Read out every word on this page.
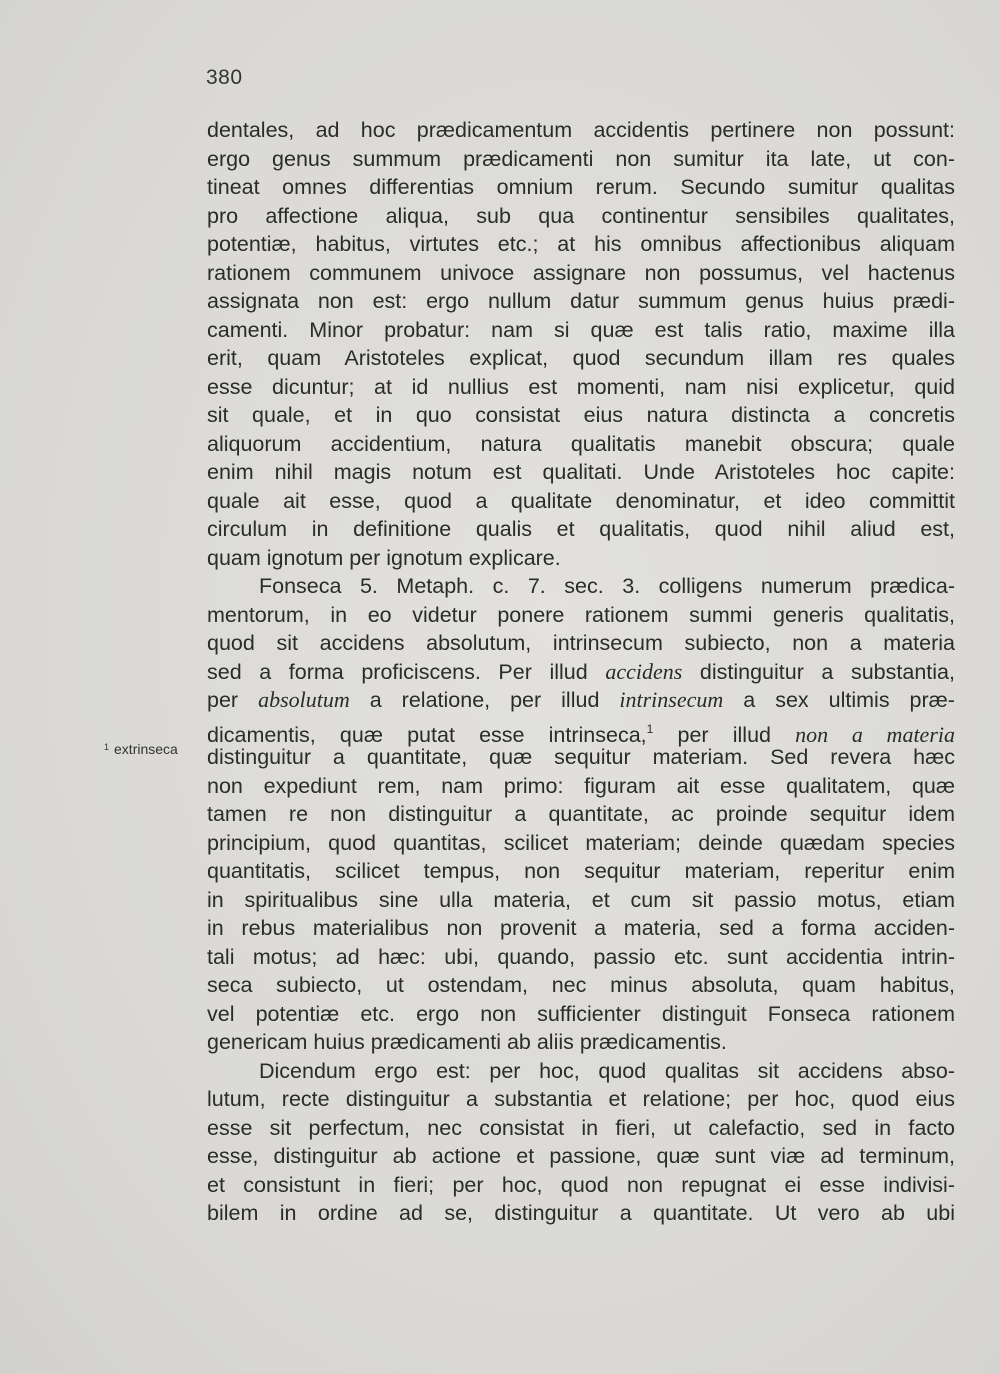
380
$^1$ extrinseca
dentales, ad hoc prædicamentum accidentis pertinere non possunt:
ergo genus summum prædicamenti non sumitur ita late, ut con-
tineat omnes differentias omnium rerum. Secundo sumitur qualitas
pro affectione aliqua, sub qua continentur sensibiles qualitates,
potentiæ, habitus, virtutes etc.; at his omnibus affectionibus aliquam
rationem communem univoce assignare non possumus, vel hactenus
assignata non est: ergo nullum datur summum genus huius prædi-
camenti. Minor probatur: nam si quæ est talis ratio, maxime illa
erit, quam Aristoteles explicat, quod secundum illam res quales
esse dicuntur; at id nullius est momenti, nam nisi explicetur, quid
sit quale, et in quo consistat eius natura distincta a concretis
aliquorum accidentium, natura qualitatis manebit obscura; quale
enim nihil magis notum est qualitati. Unde Aristoteles hoc capite:
quale ait esse, quod a qualitate denominatur, et ideo committit
circulum in definitione qualis et qualitatis, quod nihil aliud est,
quam ignotum per ignotum explicare.
Fonseca 5. Metaph. c. 7. sec. 3. colligens numerum prædica-
mentorum, in eo videtur ponere rationem summi generis qualitatis,
quod sit accidens absolutum, intrinsecum subiecto, non a materia
sed a forma proficiscens. Per illud accidens distinguitur a substantia,
per absolutum a relatione, per illud intrinsecum a sex ultimis præ-
dicamentis, quæ putat esse intrinseca,$^1$ per illud non a materia
distinguitur a quantitate, quæ sequitur materiam. Sed revera hæc
non expediunt rem, nam primo: figuram ait esse qualitatem, quæ
tamen re non distinguitur a quantitate, ac proinde sequitur idem
principium, quod quantitas, scilicet materiam; deinde quædam species
quantitatis, scilicet tempus, non sequitur materiam, reperitur enim
in spiritualibus sine ulla materia, et cum sit passio motus, etiam
in rebus materialibus non provenit a materia, sed a forma acciden-
tali motus; ad hæc: ubi, quando, passio etc. sunt accidentia intrin-
seca subiecto, ut ostendam, nec minus absoluta, quam habitus,
vel potentiæ etc. ergo non sufficienter distinguit Fonseca rationem
genericam huius prædicamenti ab aliis prædicamentis.
Dicendum ergo est: per hoc, quod qualitas sit accidens abso-
lutum, recte distinguitur a substantia et relatione; per hoc, quod eius
esse sit perfectum, nec consistat in fieri, ut calefactio, sed in facto
esse, distinguitur ab actione et passione, quæ sunt viæ ad terminum,
et consistunt in fieri; per hoc, quod non repugnat ei esse indivisi-
bilem in ordine ad se, distinguitur a quantitate. Ut vero ab ubi
